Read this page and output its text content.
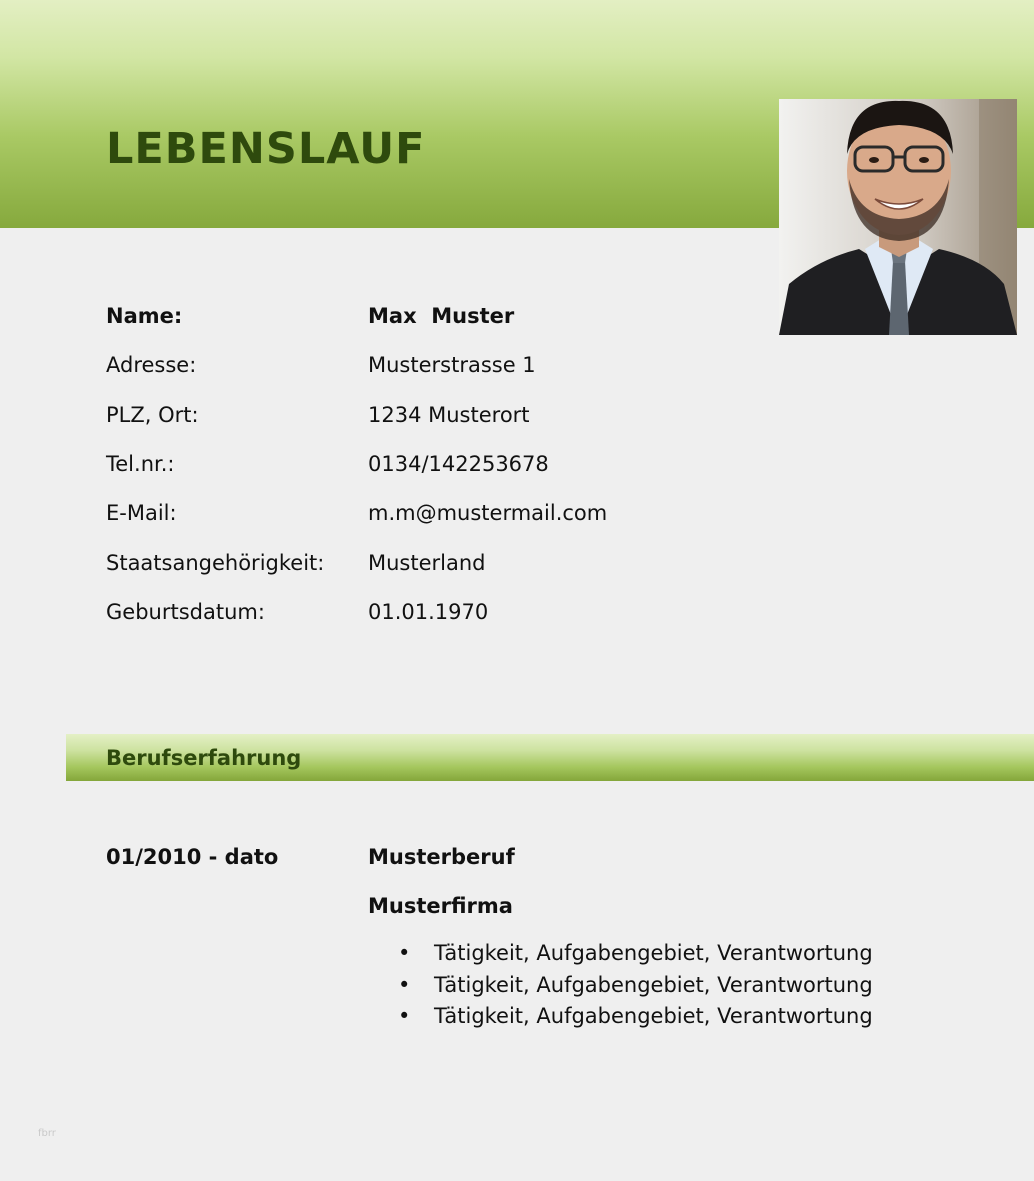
LEBENSLAUF
Name:	Max  Muster
Adresse:	Musterstrasse 1
PLZ, Ort:	1234 Musterort
Tel.nr.:	0134/142253678
E-Mail:	m.m@mustermail.com
Staatsangehörigkeit: Musterland
Geburtsdatum:	01.01.1970
Berufserfahrung
01/2010 - dato	Musterberuf
Musterfirma
• Tätigkeit, Aufgabengebiet, Verantwortung
• Tätigkeit, Aufgabengebiet, Verantwortung
• Tätigkeit, Aufgabengebiet, Verantwortung
fbrr
